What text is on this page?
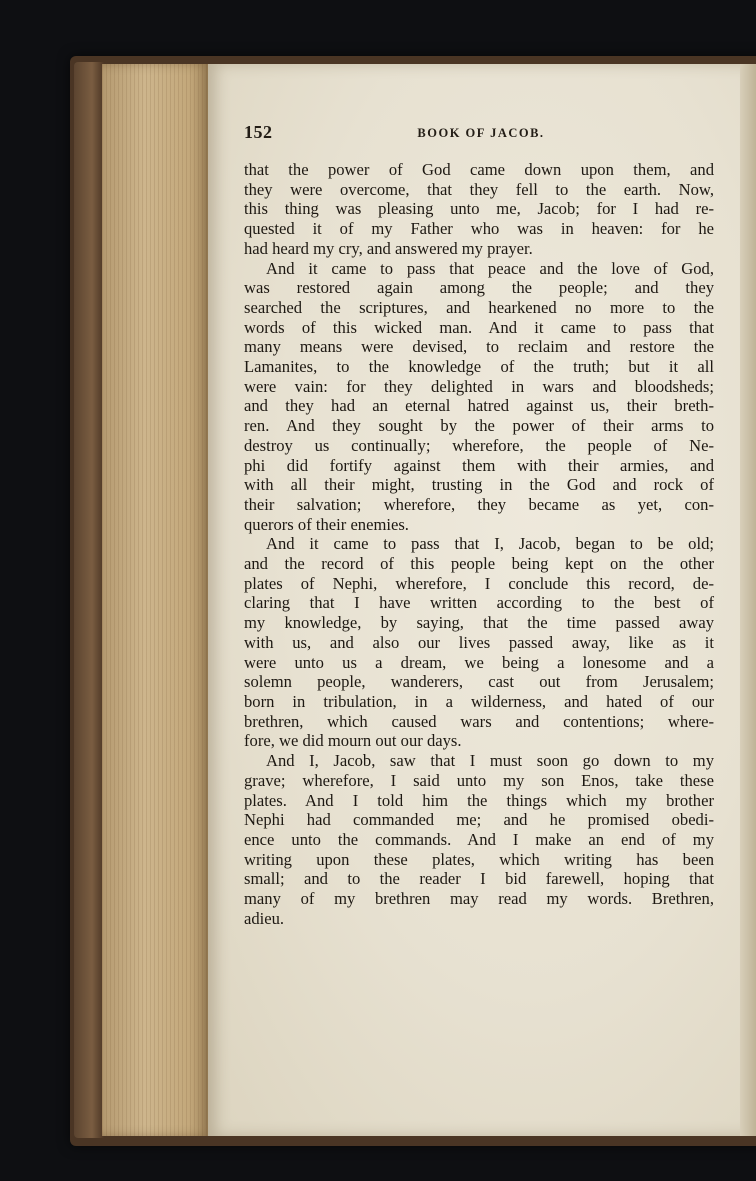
152	BOOK OF JACOB.
that the power of God came down upon them, and
they were overcome, that they fell to the earth. Now,
this thing was pleasing unto me, Jacob; for I had re-
quested it of my Father who was in heaven: for he
had heard my cry, and answered my prayer.
And it came to pass that peace and the love of God,
was restored again among the people; and they
searched the scriptures, and hearkened no more to the
words of this wicked man. And it came to pass that
many means were devised, to reclaim and restore the
Lamanites, to the knowledge of the truth; but it all
were vain: for they delighted in wars and bloodsheds;
and they had an eternal hatred against us, their breth-
ren. And they sought by the power of their arms to
destroy us continually; wherefore, the people of Ne-
phi did fortify against them with their armies, and
with all their might, trusting in the God and rock of
their salvation; wherefore, they became as yet, con-
querors of their enemies.
And it came to pass that I, Jacob, began to be old;
and the record of this people being kept on the other
plates of Nephi, wherefore, I conclude this record, de-
claring that I have written according to the best of
my knowledge, by saying, that the time passed away
with us, and also our lives passed away, like as it
were unto us a dream, we being a lonesome and a
solemn people, wanderers, cast out from Jerusalem;
born in tribulation, in a wilderness, and hated of our
brethren, which caused wars and contentions; where-
fore, we did mourn out our days.
And I, Jacob, saw that I must soon go down to my
grave; wherefore, I said unto my son Enos, take these
plates. And I told him the things which my brother
Nephi had commanded me; and he promised obedi-
ence unto the commands. And I make an end of my
writing upon these plates, which writing has been
small; and to the reader I bid farewell, hoping that
many of my brethren may read my words. Brethren,
adieu.
